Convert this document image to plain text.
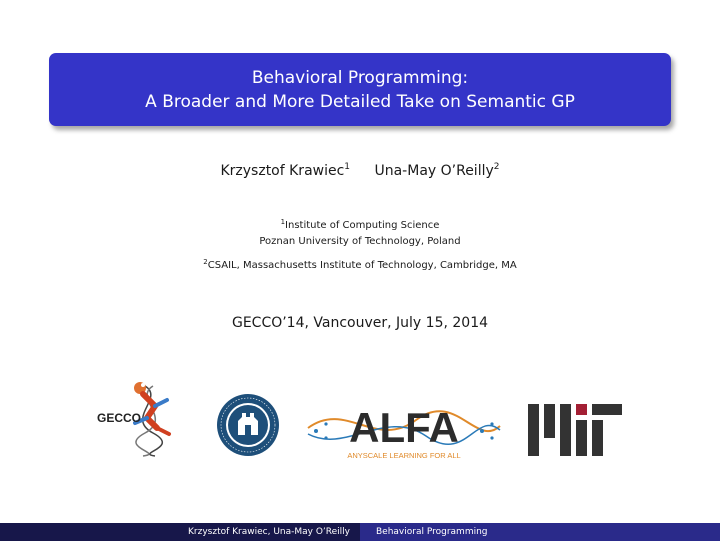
Behavioral Programming:
A Broader and More Detailed Take on Semantic GP
Krzysztof Krawiec$^1$ Una-May O’Reilly$^2$
$^1$Institute of Computing Science
Poznan University of Technology, Poland
$^2$CSAIL, Massachusetts Institute of Technology, Cambridge, MA
GECCO’14, Vancouver, July 15, 2014
GECCO	ALFA
ANYSCALE LEARNING FOR ALL
Krzysztof Krawiec, Una-May O’Reilly	Behavioral Programming
